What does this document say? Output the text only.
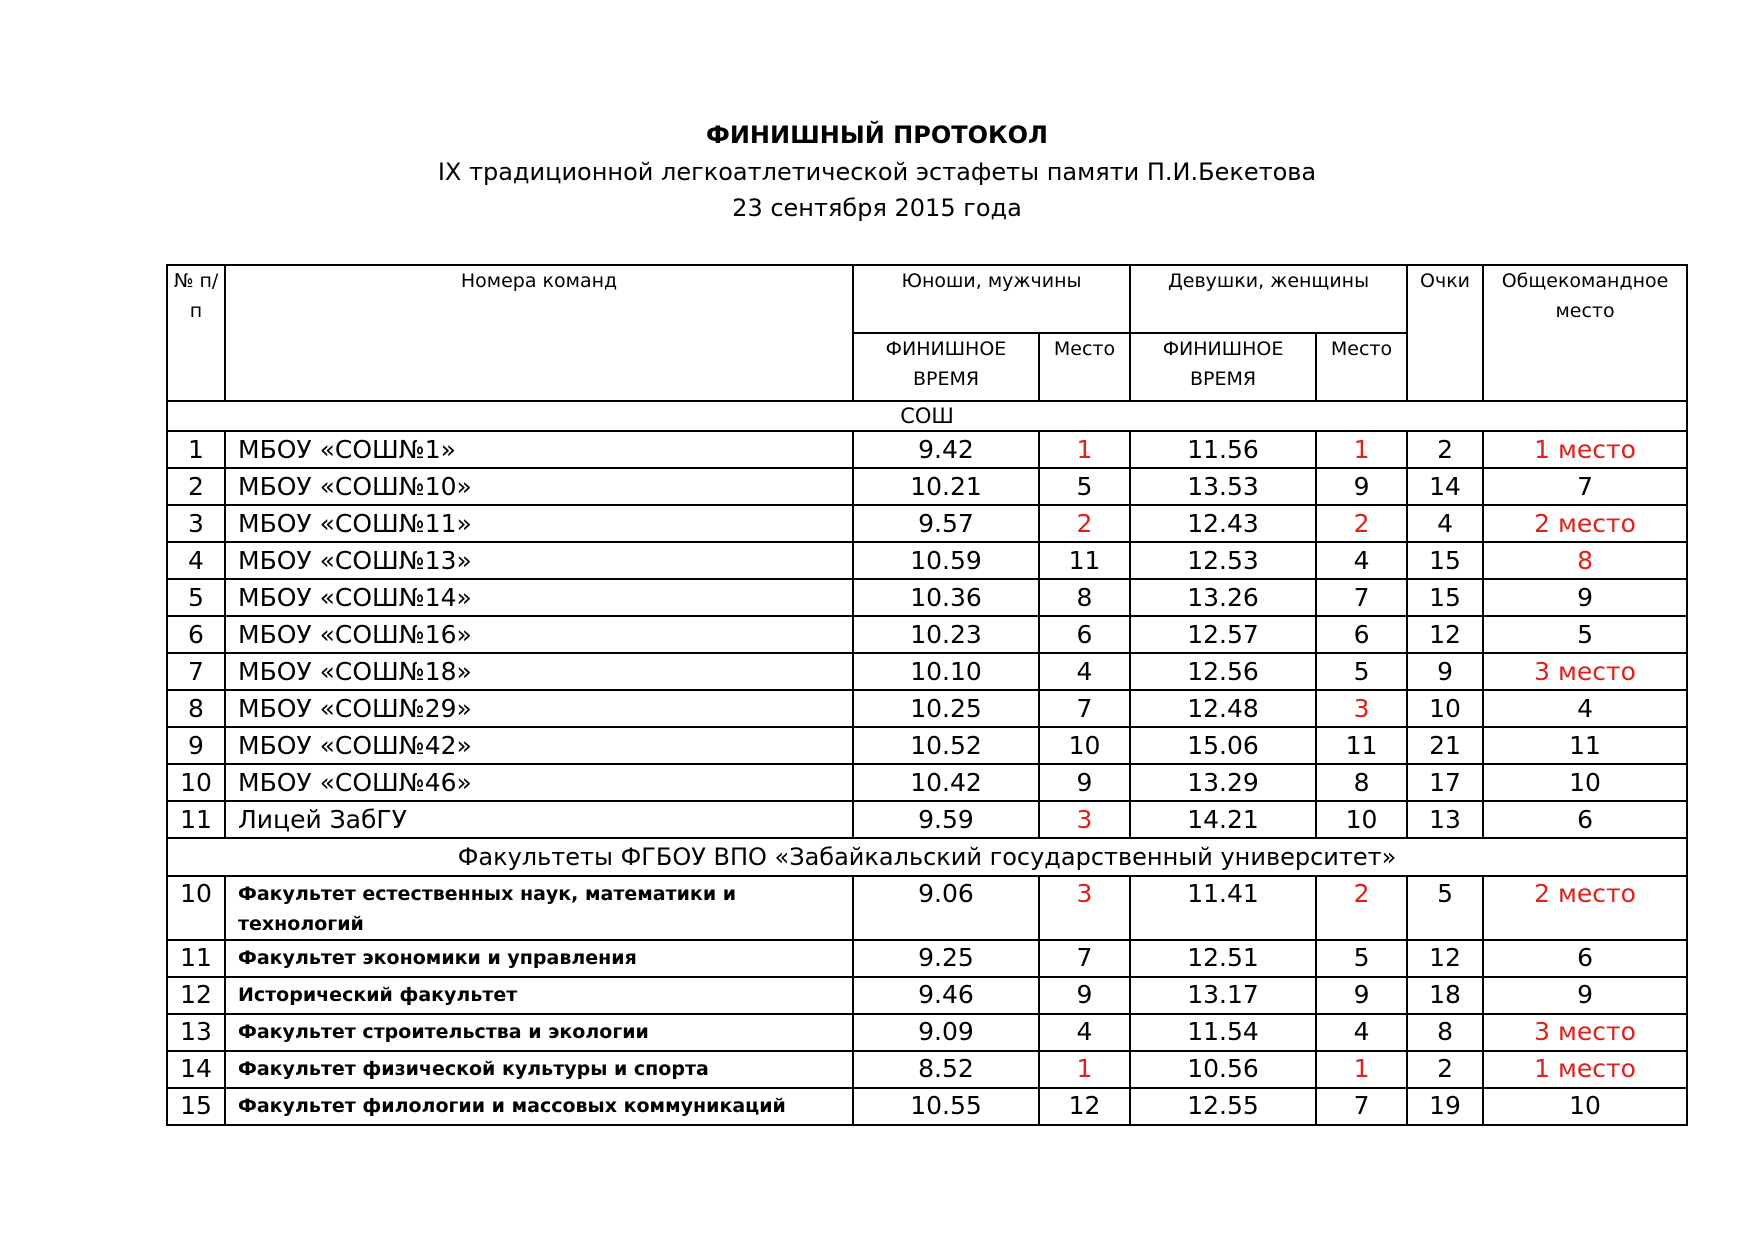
ФИНИШНЫЙ ПРОТОКОЛ
IX традиционной легкоатлетической эстафеты памяти П.И.Бекетова
23 сентября 2015 года
№ п/п	Номера команд	Юноши, мужчины		Девушки, женщины		Очки	Общекомандное место
		ФИНИШНОЕ ВРЕМЯ	Место	ФИНИШНОЕ ВРЕМЯ	Место		
СОШ							
1	МБОУ «СОШ№1»	9.42	1	11.56	1	2	1 место
2	МБОУ «СОШ№10»	10.21	5	13.53	9	14	7
3	МБОУ «СОШ№11»	9.57	2	12.43	2	4	2 место
4	МБОУ «СОШ№13»	10.59	11	12.53	4	15	8
5	МБОУ «СОШ№14»	10.36	8	13.26	7	15	9
6	МБОУ «СОШ№16»	10.23	6	12.57	6	12	5
7	МБОУ «СОШ№18»	10.10	4	12.56	5	9	3 место
8	МБОУ «СОШ№29»	10.25	7	12.48	3	10	4
9	МБОУ «СОШ№42»	10.52	10	15.06	11	21	11
10	МБОУ «СОШ№46»	10.42	9	13.29	8	17	10
11	Лицей ЗабГУ	9.59	3	14.21	10	13	6
Факультеты ФГБОУ ВПО «Забайкальский государственный университет»							
10	Факультет естественных наук, математики и технологий	9.06	3	11.41	2	5	2 место
11	Факультет экономики и управления	9.25	7	12.51	5	12	6
12	Исторический факультет	9.46	9	13.17	9	18	9
13	Факультет строительства и экологии	9.09	4	11.54	4	8	3 место
14	Факультет физической культуры и спорта	8.52	1	10.56	1	2	1 место
15	Факультет филологии и массовых коммуникаций	10.55	12	12.55	7	19	10
